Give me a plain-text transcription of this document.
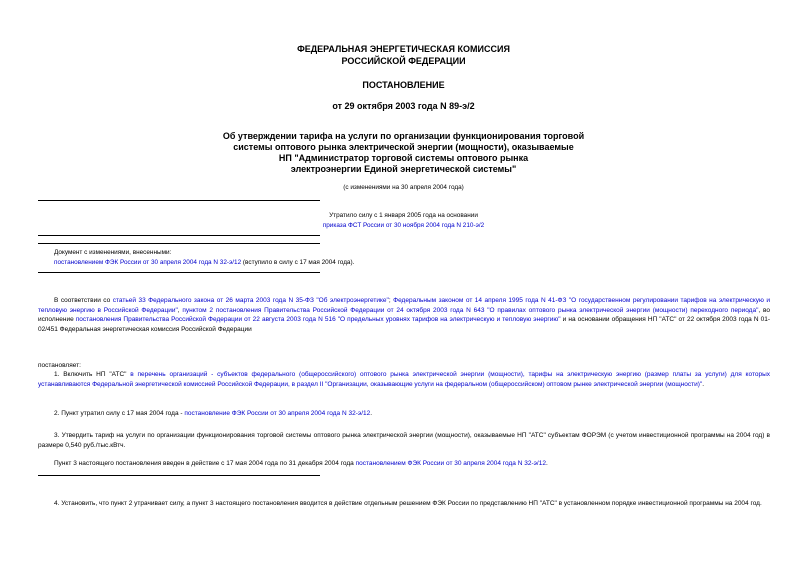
ФЕДЕРАЛЬНАЯ ЭНЕРГЕТИЧЕСКАЯ КОМИССИЯ
РОССИЙСКОЙ ФЕДЕРАЦИИ
ПОСТАНОВЛЕНИЕ
от 29 октября 2003 года N 89-э/2
Об утверждении тарифа на услуги по организации функционирования торговой
системы оптового рынка электрической энергии (мощности), оказываемые
НП "Администратор торговой системы оптового рынка
электроэнергии Единой энергетической системы"
(с изменениями на 30 апреля 2004 года)
Утратило силу с 1 января 2005 года на основании
приказа ФСТ России от 30 ноября 2004 года N 210-э/2
Документ с изменениями, внесенными:
постановлением ФЭК России от 30 апреля 2004 года N 32-э/12 (вступило в силу с 17 мая 2004 года).
В соответствии со статьей 33 Федерального закона от 26 марта 2003 года N 35-ФЗ "Об электроэнергетике"; Федеральным законом от 14 апреля 1995 года N 41-ФЗ "О государственном регулировании тарифов на электрическую и тепловую энергию в Российской Федерации", пунктом 2 постановления Правительства Российской Федерации от 24 октября 2003 года N 643 "О правилах оптового рынка электрической энергии (мощности) переходного периода", во исполнение постановления Правительства Российской Федерации от 22 августа 2003 года N 516 "О предельных уровнях тарифов на электрическую и тепловую энергию" и на основании обращения НП "АТС" от 22 октября 2003 года N 01-02/451 Федеральная энергетическая комиссия Российской Федерации
постановляет:
1. Включить НП "АТС" в перечень организаций - субъектов федерального (общероссийского) оптового рынка электрической энергии (мощности), тарифы на электрическую энергию (размер платы за услуги) для которых устанавливаются Федеральной энергетической комиссией Российской Федерации, в раздел II "Организации, оказывающие услуги на федеральном (общероссийском) оптовом рынке электрической энергии (мощности)".
2. Пункт утратил силу с 17 мая 2004 года - постановление ФЭК России от 30 апреля 2004 года N 32-э/12.
3. Утвердить тариф на услуги по организации функционирования торговой системы оптового рынка электрической энергии (мощности), оказываемые НП "АТС" субъектам ФОРЭМ (с учетом инвестиционной программы на 2004 год) в размере 0,540 руб./тыс.кВтч.
Пункт 3 настоящего постановления введен в действие с 17 мая 2004 года по 31 декабря 2004 года постановлением ФЭК России от 30 апреля 2004 года N 32-э/12.
4. Установить, что пункт 2 утрачивает силу, а пункт 3 настоящего постановления вводится в действие отдельным решением ФЭК России по представлению НП "АТС" в установленном порядке инвестиционной программы на 2004 год.
